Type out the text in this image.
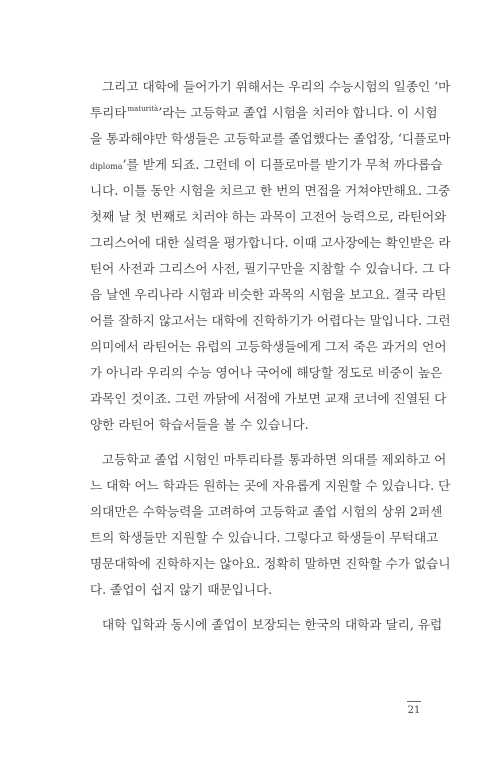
그리고 대학에 들어가기 위해서는 우리의 수능시험의 일종인 ‘마
투리타$^{maturità}$’라는 고등학교 졸업 시험을 치러야 합니다. 이 시험
을 통과해야만 학생들은 고등학교를 졸업했다는 졸업장, ‘디플로마
diploma’를 받게 되죠. 그런데 이 디플로마를 받기가 무척 까다롭습
니다. 이틀 동안 시험을 치르고 한 번의 면접을 거쳐야만해요. 그중
첫째 날 첫 번째로 치러야 하는 과목이 고전어 능력으로, 라틴어와
그리스어에 대한 실력을 평가합니다. 이때 고사장에는 확인받은 라
틴어 사전과 그리스어 사전, 필기구만을 지참할 수 있습니다. 그 다
음 날엔 우리나라 시험과 비슷한 과목의 시험을 보고요. 결국 라틴
어를 잘하지 않고서는 대학에 진학하기가 어렵다는 말입니다. 그런
의미에서 라틴어는 유럽의 고등학생들에게 그저 죽은 과거의 언어
가 아니라 우리의 수능 영어나 국어에 해당할 정도로 비중이 높은
과목인 것이죠. 그런 까닭에 서점에 가보면 교재 코너에 진열된 다
양한 라틴어 학습서들을 볼 수 있습니다.
고등학교 졸업 시험인 마투리타를 통과하면 의대를 제외하고 어
느 대학 어느 학과든 원하는 곳에 자유롭게 지원할 수 있습니다. 단
의대만은 수학능력을 고려하여 고등학교 졸업 시험의 상위 2퍼센
트의 학생들만 지원할 수 있습니다. 그렇다고 학생들이 무턱대고
명문대학에 진학하지는 않아요. 정확히 말하면 진학할 수가 없습니
다. 졸업이 쉽지 않기 때문입니다.
대학 입학과 동시에 졸업이 보장되는 한국의 대학과 달리, 유럽
21
